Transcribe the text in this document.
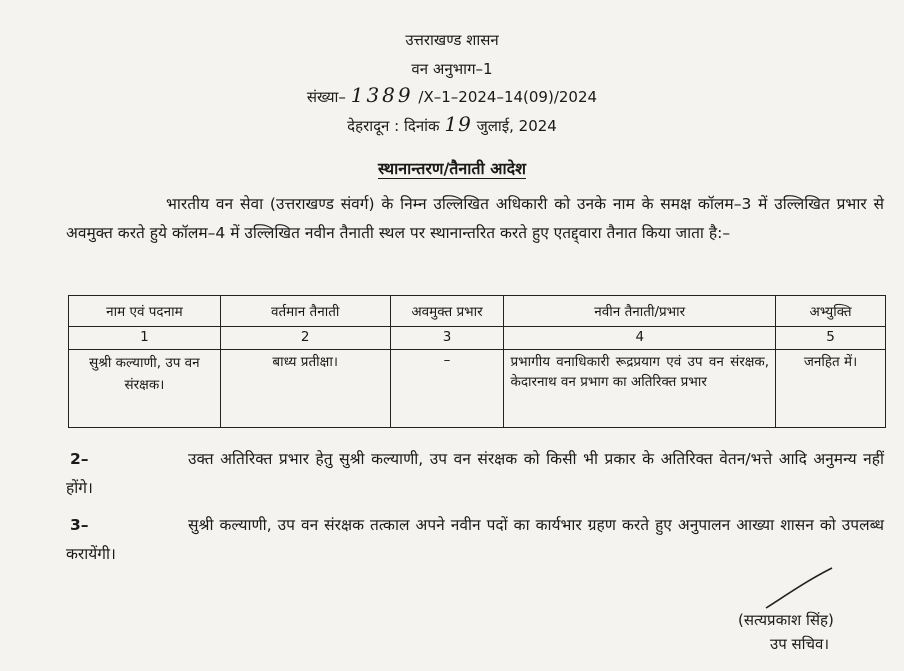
उत्तराखण्ड शासन
वन अनुभाग–1
संख्या– 1389 /X–1–2024–14(09)/2024
देहरादून : दिनांक 19 जुलाई, 2024
स्थानान्तरण/तैनाती आदेश
भारतीय वन सेवा (उत्तराखण्ड संवर्ग) के निम्न उल्लिखित अधिकारी को उनके नाम के समक्ष कॉलम–3 में उल्लिखित प्रभार से अवमुक्त करते हुये कॉलम–4 में उल्लिखित नवीन तैनाती स्थल पर स्थानान्तरित करते हुए एतद्द्वारा तैनात किया जाता है:–
नाम एवं पदनाम	वर्तमान तैनाती	अवमुक्त प्रभार	नवीन तैनाती/प्रभार	अभ्युक्ति
1	2	3	4	5
सुश्री कल्याणी, उप वन संरक्षक।	बाध्य प्रतीक्षा।	–	प्रभागीय वनाधिकारी रूद्रप्रयाग एवं उप वन संरक्षक, केदारनाथ वन प्रभाग का अतिरिक्त प्रभार	जनहित में।
2–	उक्त अतिरिक्त प्रभार हेतु सुश्री कल्याणी, उप वन संरक्षक को किसी भी प्रकार के अतिरिक्त वेतन/भत्ते आदि अनुमन्य नहीं होंगे।
3–	सुश्री कल्याणी, उप वन संरक्षक तत्काल अपने नवीन पदों का कार्यभार ग्रहण करते हुए अनुपालन आख्या शासन को उपलब्ध करायेंगी।
(सत्यप्रकाश सिंह)
उप सचिव।
